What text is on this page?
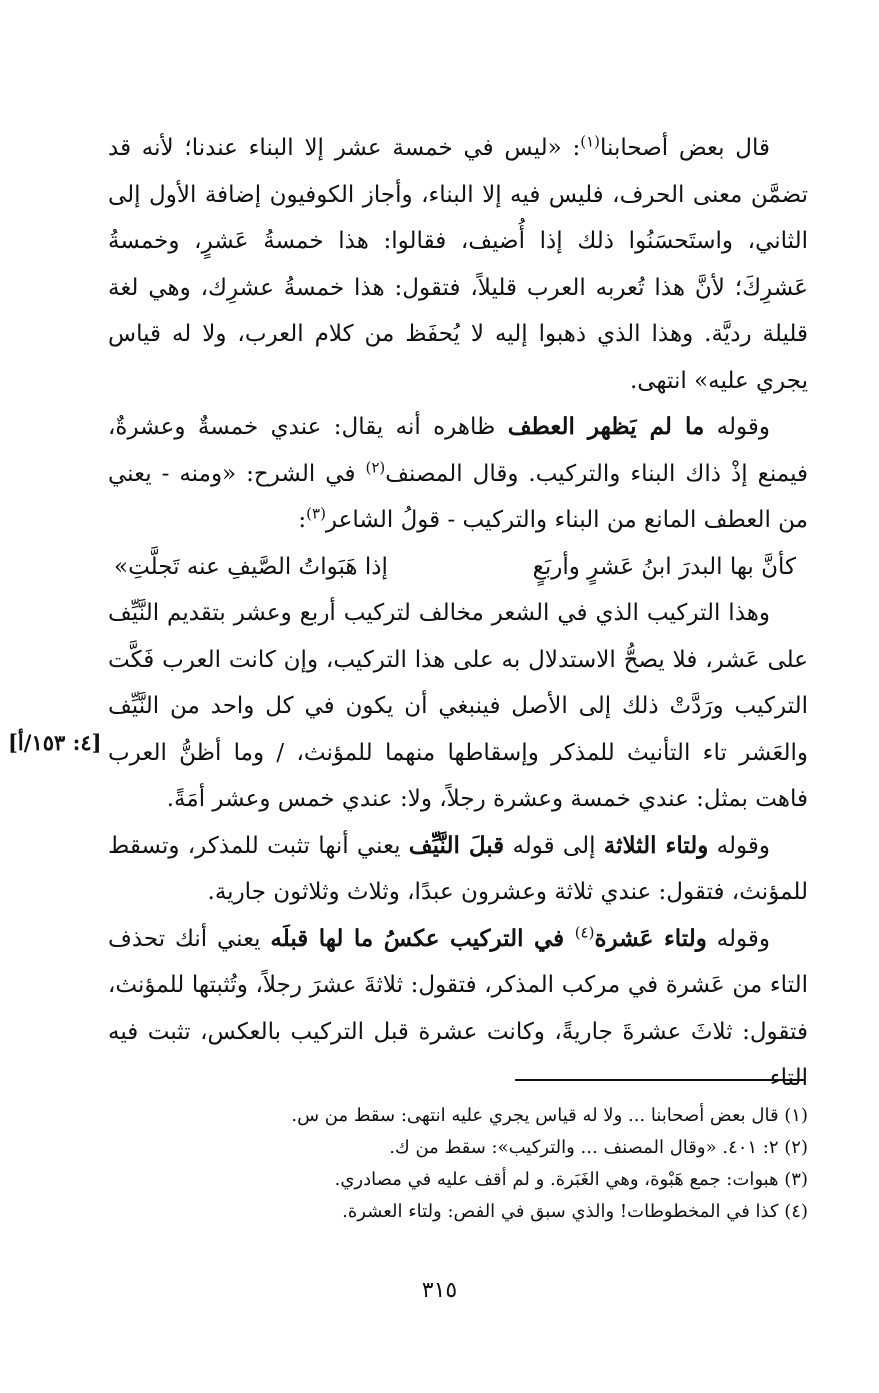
قال بعض أصحابنا$^{(١)}$: «ليس في خمسة عشر إلا البناء عندنا؛ لأنه قد تضمَّن معنى الحرف، فليس فيه إلا البناء، وأجاز الكوفيون إضافة الأول إلى الثاني، واستَحسَنُوا ذلك إذا أُضيف، فقالوا: هذا خمسةُ عَشرٍ، وخمسةُ عَشرِكَ؛ لأنَّ هذا تُعربه العرب قليلاً، فتقول: هذا خمسةُ عشرِك، وهي لغة قليلة رديَّة. وهذا الذي ذهبوا إليه لا يُحفَظ من كلام العرب، ولا له قياس يجري عليه» انتهى.

وقوله ما لم يَظهر العطف ظاهره أنه يقال: عندي خمسةٌ وعشرةٌ، فيمنع إذْ ذاك البناء والتركيب. وقال المصنف$^{(٢)}$ في الشرح: «ومنه - يعني من العطف المانع من البناء والتركيب - قولُ الشاعر$^{(٣)}$:

كأنَّ بها البدرَ ابنُ عَشرٍ وأربَعٍ
إذا هَبَواتُ الصَّيفِ عنه تَجلَّتِ»

وهذا التركيب الذي في الشعر مخالف لتركيب أربع وعشر بتقديم النَّيِّف على عَشر، فلا يصحُّ الاستدلال به على هذا التركيب، وإن كانت العرب فَكَّت التركيب ورَدَّتْ ذلك إلى الأصل فينبغي أن يكون في كل واحد من النَّيِّف والعَشر تاء التأنيث للمذكر وإسقاطها منهما للمؤنث، / وما أظنُّ العرب فاهت بمثل: عندي خمسة وعشرة رجلاً، ولا: عندي خمس وعشر أمَةً.

وقوله ولتاء الثلاثة إلى قوله قبلَ النَّيِّف يعني أنها تثبت للمذكر، وتسقط للمؤنث، فتقول: عندي ثلاثة وعشرون عبدًا، وثلاث وثلاثون جارية.

وقوله ولتاء عَشرة$^{(٤)}$ في التركيب عكسُ ما لها قبلَه يعني أنك تحذف التاء من عَشرة في مركب المذكر، فتقول: ثلاثةَ عشرَ رجلاً، وتُثبتها للمؤنث، فتقول: ثلاثَ عشرةَ جاريةً، وكانت عشرة قبل التركيب بالعكس، تثبت فيه التاء

[٤: ١٥٣/أ]
(١) قال بعض أصحابنا ... ولا له قياس يجري عليه انتهى: سقط من س.
(٢) ٢: ٤٠١. «وقال المصنف ... والتركيب»: سقط من ك.
(٣) هبوات: جمع هَبْوة، وهي الغَبَرة. و لم أقف عليه في مصادري.
(٤) كذا في المخطوطات! والذي سبق في الفص: ولتاء العشرة.
٣١٥
